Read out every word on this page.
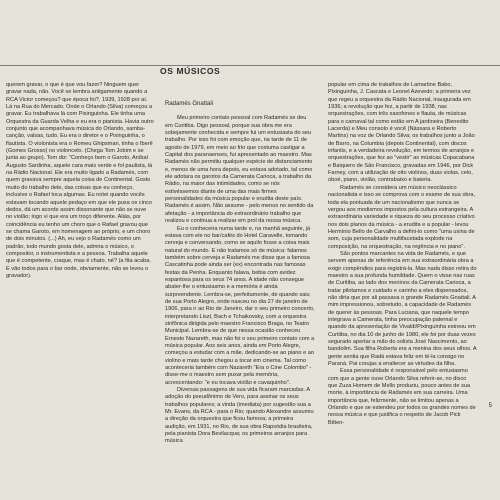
OS MÚSICOS

querem gravar, o que é que vou fazer? Ninguem quer gravar nada, não. Você se lembra antigamente quando a RCA Victor começou? que época foi?, 1939, 1928 por aí. Lá na Rua do Mercado. Onde o Orlando (Silva) começou a gravar. Eu trabalhava lá com Pixinguinha. Ele tinha uma Orquestra da Guarda Velha e eu era o pianista. Havia outro conjunto que acompanhava música do Orlando, samba-canção, valsas, tudo. Eu era o diretor e o Pixinguinha, o flautista. O violonista era o Romeu Ghipsman, tinha o Iberê (Gomes Grosso) no violoncelo. (Chega Tom Jobim e se junta ao grupo). Tom diz: "Conheço bem o Garoto, Aníbal Augusto Sardinha, aquele cara mais verde e fol paulista, lá na Rádio Nacional. Ele era muito ligado a Radamés, com quem gravava sempre aquela coisa de Continental. Gosto muito do trabalho dele, das coisas que eu conheço, inclusive o Rafael toca algumas. Eu notei quando vocês estavam tocando aquele pedaço em que ele puxa os cinco dedos, dá um acorde assim dissonante que não se ouve no violão; logo vi que era um troço diferente. Aliás, por coincidência eu tenho um choro que o Rafael gravou que se chama Garoto, em homenagem ao próprio, e um choro de dois minutos. (...) Ah, eu vejo o Radamés como um padrão, todo mundo gosta dele, admira o músico, o compositor, o instrumentista e a pessoa. Trabalha aquele que é competente, craque, mas é chato, né? (a fita acaba. E vão todos para o bar onde, obviamente, não se levou o gravador).

Radamés Gnattali

Meu primeiro contato pessoal com Radamés se deu em Curitiba. Digo pessoal, porque sua obra me era sobejamente conhecida e sempre fui um entusiasta do seu trabalho. Por isso foi com emoção que, na tarde de 11 de agosto de 1979, em meio ao frio que costuma castigar a Capital dos paranaenses, fui apresentado ao maestro. Mas Radamés não permitiu qualquer espécie de distanciamento e, menos de uma hora depois, eu estava adotado, tal como ele adotara os garotos da Camerata Carioca, a trabalho da Rádio, na maior das intimidades, como se nós estivéssemos diante de uma das mais firmes personalidades da música popular e erudita deste país. Radamés é assim. Não assume - pelo menos no sentido da afetação - a importância do extraordinário trabalho que realizou e continua a realizar em prol da nossa música.

Eu o conheceria numa tarde e, na manhã seguinte, já estava com ele no bar/cafés do Hotel Caravelle, tomando cerveja e conversando, como se aquilo fosse a coisa mais natural do mundo. E não tratamos só de música: falamos também sobre cerveja e Radamés me disse que a famosa Cascatinha pode ainda ser (ex) encontrada nas famosas festas da Penha. Enquanto falava, bebia com avidez espantosa para os seus 74 anos. A idade não consegue abater-lhe o entusiasmo e a memória é ainda surpreendente. Lembra-se, perfeitamente, de quando saiu de sua Porto Alegre, onde nasceu no dia 27 de janeiro de 1906, para ir ao Rio de Janeiro, dar o seu primeiro concerto, interpretando Liszt, Bach e Tchaikovsky, com a orquestra sinfônica dirigida pelo maestro Francisco Braga, no Teatro Municipal. Lembra-se de que nessa ocasião conheceu Ernesto Nazareth, mas não foi o seu primeiro contato com a música popular. Aos seis anos, ainda em Porto Alegre, começou a estudar com a mãe, dedicando-se ao piano e ao violino e mais tarde chegou a tocar em cinema. Tal como aconteceria também com Nazareth "Era o Cine Colombo" - disse-me o maestro sem puxar pela memória, acrescentando: "e eu tocava violão e cavaquinho".

Diversas passagens de sua vida ficaram marcadas. A adoção do pseudônimo de Vero, para assinar os seus trabalhos populares; a vinda (imediata) por sugestão sua a Mr. Evans, da RCA - para o Rio; quando Alexandre assumiu a direção da orquestra que ficou famosa; a primeira audição, em 1931, no Rio, de sua obra Rapsódia brasileira, pela pianista Dora Bevilacqua; os primeiros arranjos para música

popular em cima de trabalhos de Lamartine Babo, Pixinguinha, J. Cascata e Leonel Azevedo; a primeira vez que regeu a orquestra da Rádio Nacional, inaugurada em 1936; a revolução que fez, a partir de 1938, nas orquestrações, com três saxofones e flauta, de músicas para o carnaval tal como estão em A jardineira (Benedito Lacerda) e Meu consolo é você (Nássara e Roberto Martins) na voz de Orlando Silva; os trabalhos junto a João de Barro, na Columbia (depois Continental), com discos infantis, e a verdadeira revolução, em termos de arranjos e orquestrações, que fez ao "vestir" as músicas Copacabana e Baiquero de São Francisco, gravadas em 1946, por Dick Farney, com a utilização de oito violinos, duas violas, celo, oboé, piano, violão, contrabaixo e bateria.

Radamés se considera um músico neoclássico nacionalista e isso se comprova com o exame de sua obra, toda ela pontuada de um nacionalismo que nunca se vergou aos modismos impostos pela cultura estrangeira. A extraordinária variedade e riqueza do seu processo criativo nos dois planos da música - a erudita e a popular - levou Hermínio Bello de Carvalho a defini-lo como "uma usina de som, cuja personalidade multifacetada explode na composição, na orquestração, na regência e no piano".

São pontos marcantes na vida de Radamés, e que servem apenas de referência em sua extraordinária obra a exigir compêndios para registrá-la. Mas nada disso retira do maestro a sua profunda humildade. Quem o visse nas ruas de Curitiba, ao lado dos meninos da Camerata Carioca, a tratar pilotamos e cuidado e carinho a eles dispensados, não diria que por ali passava o grande Radamés Gnattali. A mim impressionou, sobretudo, a capacidade de Radamés de querer às pessoas. Para Luciana, que naquele tempo integrava a Camerata, tinha preocupação paternal e quando da apresentação de Vivaldi/Pixinguinha estreou em Curitiba, no dia 10 de junho de 1980, ele foi por duas vezes segurado apertar a mão do solista José Nascimento, ao bandolim. Sua filha Roberta era a menina dos seus olhos. A gente sentia que Radá estava feliz em té-la consigo no Paraná. Pai corujas a enaltecer as virtudes da filha.

Essa personalidade é responsável pelo entusiasmo com que a gente ouve Orlando Silva referir-se, no disco que Zuza Homem de Mello produziu, pouco antes de sua morte, à importância de Radamés em sua carreira. Uma importância que, felizmente, não se limitou apenas a Orlando e que se estendeu por todos os grandes nomes de nossa música e que justifica o respeito de Jacob Pick Bitten-

5
